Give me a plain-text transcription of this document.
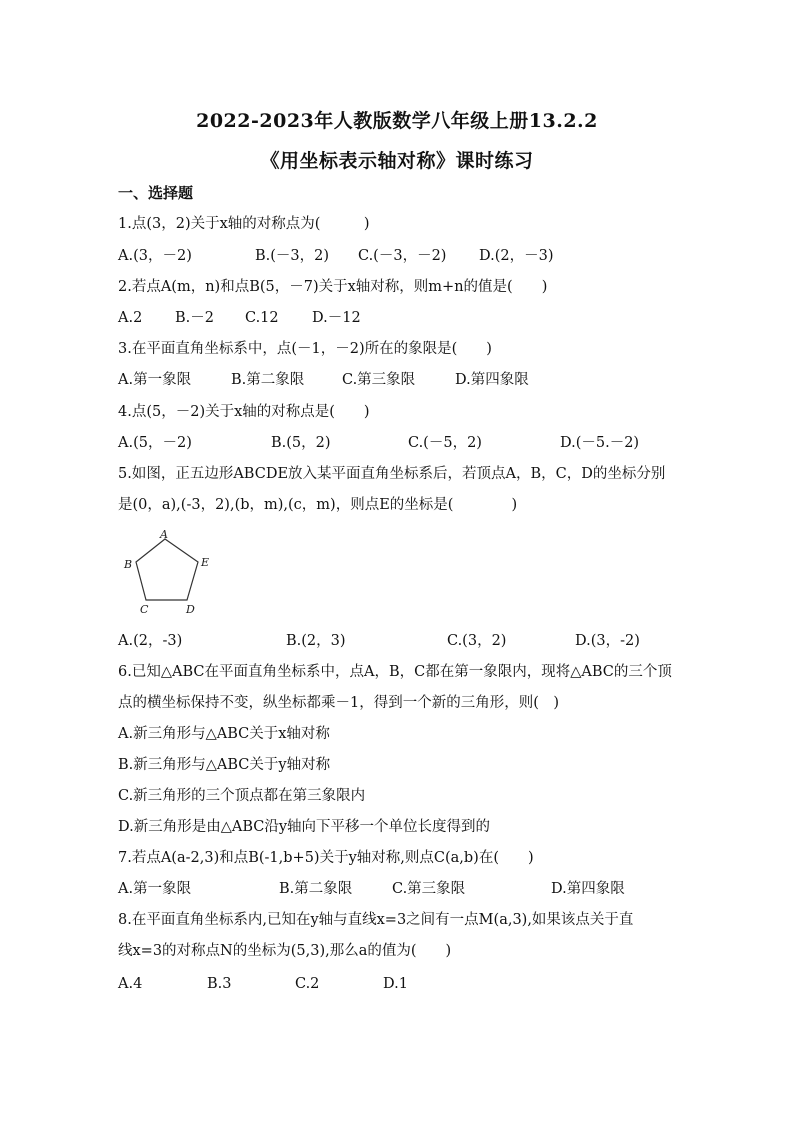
2022-2023年人教版数学八年级上册13.2.2
《用坐标表示轴对称》课时练习
一、选择题
1.点(3，2)关于x轴的对称点为(　　　)
A.(3，－2)	B.(－3，2) C.(－3，－2) D.(2，－3)
2.若点A(m，n)和点B(5，－7)关于x轴对称，则m+n的值是(　　)
A.2 B.－2 C.12 D.－12
3.在平面直角坐标系中，点(－1，－2)所在的象限是(　　)
A.第一象限	B.第二象限	C.第三象限	D.第四象限
4.点(5，－2)关于x轴的对称点是(　　)
A.(5，－2)	B.(5，2)	C.(－5，2)	D.(－5.－2)
5.如图，正五边形ABCDE放入某平面直角坐标系后，若顶点A，B，C，D的坐标分别
是(0，a),(-3，2),(b，m),(c，m)，则点E的坐标是(　　　　)
A
B
C	D
E
A.(2，-3)	B.(2，3)	C.(3，2)	D.(3，-2)
6.已知△ABC在平面直角坐标系中，点A，B，C都在第一象限内，现将△ABC的三个顶
点的横坐标保持不变，纵坐标都乘－1，得到一个新的三角形，则(　)
A.新三角形与△ABC关于x轴对称
B.新三角形与△ABC关于y轴对称
C.新三角形的三个顶点都在第三象限内
D.新三角形是由△ABC沿y轴向下平移一个单位长度得到的
7.若点A(a-2,3)和点B(-1,b+5)关于y轴对称,则点C(a,b)在(　　)
A.第一象限	B.第二象限	C.第三象限	D.第四象限
8.在平面直角坐标系内,已知在y轴与直线x=3之间有一点M(a,3),如果该点关于直
线x=3的对称点N的坐标为(5,3),那么a的值为(　　)
A.4	B.3	C.2	D.1
